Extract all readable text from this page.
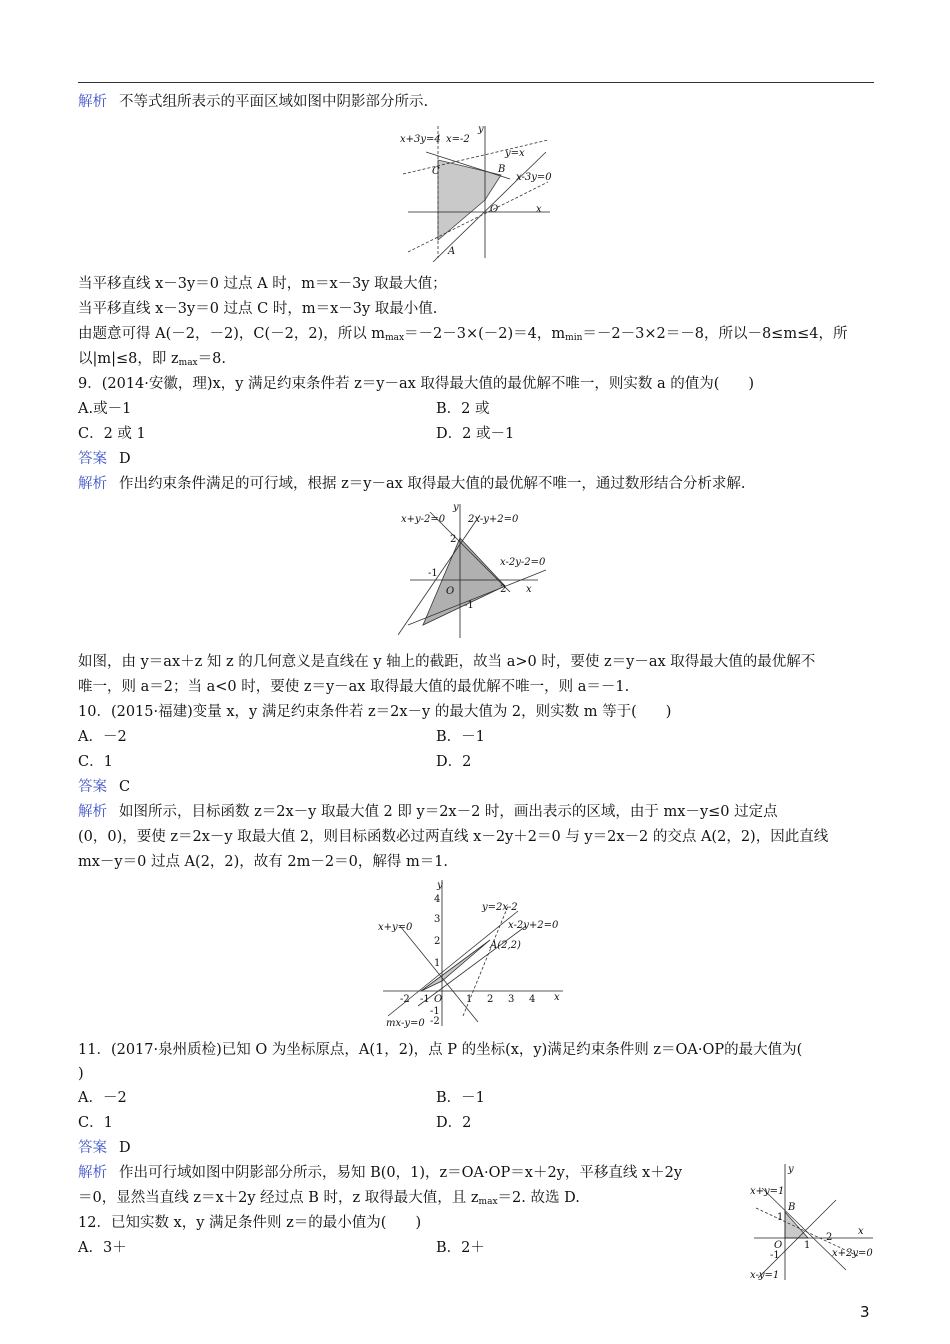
解析 不等式组所表示的平面区域如图中阴影部分所示.
x+3y=4 x=-2
y
y=x
C	B
x-3y=0
O	x
A
当平移直线 x－3y＝0 过点 A 时，m＝x－3y 取最大值；
当平移直线 x－3y＝0 过点 C 时，m＝x－3y 取最小值.
由题意可得 A(－2，－2)，C(－2，2)，所以 $m_{max}=-2-3\times(-2)=4$，$m_{min}=-2-3\times 2=-8$，所以－8≤m≤4，所
以|m|≤8，即 $z_{max}=8$.
9．(2014·安徽，理)x，y 满足约束条件若 z＝y－ax 取得最大值的最优解不唯一，则实数 a 的值为(　　)
A.或－1	B．2 或
C．2 或 1	D．2 或－1
答案 D
解析 作出约束条件满足的可行域，根据 z＝y－ax 取得最大值的最优解不唯一，通过数形结合分析求解.
x+y-2=0
y
2x-y+2=0
2
x-2y-2=0
-1
O	2 x
-1
如图，由 y＝ax＋z 知 z 的几何意义是直线在 y 轴上的截距，故当 a>0 时，要使 z＝y－ax 取得最大值的最优解不
唯一，则 a＝2；当 a<0 时，要使 z＝y－ax 取得最大值的最优解不唯一，则 a＝－1.
10．(2015·福建)变量 x，y 满足约束条件若 z＝2x－y 的最大值为 2，则实数 m 等于(　　)
A．－2	B．－1
C．1	D．2
答案 C
解析 如图所示，目标函数 z＝2x－y 取最大值 2 即 y＝2x－2 时，画出表示的区域，由于 mx－y≤0 过定点
(0，0)，要使 z＝2x－y 取最大值 2，则目标函数必过两直线 x－2y＋2＝0 与 y＝2x－2 的交点 A(2，2)，因此直线
mx－y＝0 过点 A(2，2)，故有 2m－2＝0，解得 m＝1.
y
4
y=2x-2
3
x+y=0	x-2y+2=0
2	A(2,2)
1
-2 -1 O 1 2 3 4 x
-1
-2
mx-y=0
11．(2017·泉州质检)已知 O 为坐标原点，A(1，2)，点 P 的坐标(x，y)满足约束条件则 z＝OA·OP的最大值为(
)
A．－2	B．－1
C．1	D．2
答案 D
解析 作出可行域如图中阴影部分所示，易知 B(0，1)，z＝OA·OP＝x＋2y，平移直线 x＋2y
＝0，显然当直线 z＝x＋2y 经过点 B 时，z 取得最大值，且 $z_{max}=2$. 故选 D.
y
x+y=1
B
1
O 1
2
x
-1	x+2y=0
x-y=1
12．已知实数 x，y 满足条件则 z＝的最小值为(　　)
A．3＋	B．2＋
3
